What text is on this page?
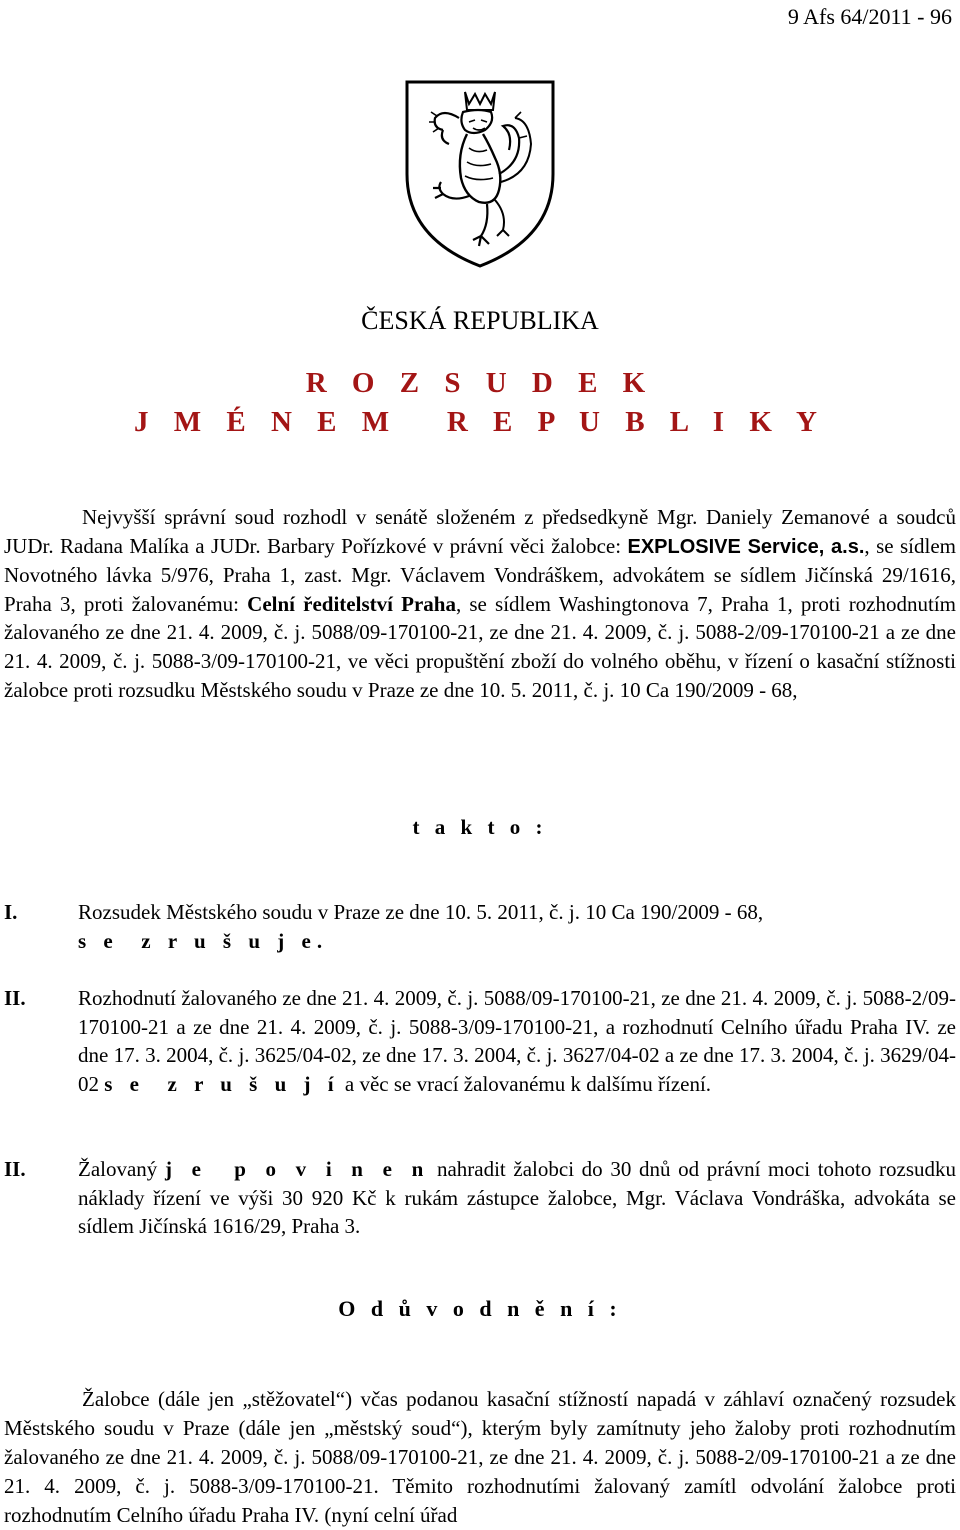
9 Afs 64/2011 - 96
ČESKÁ REPUBLIKA
R O Z S U D E K
J M É N E M   R E P U B L I K Y
Nejvyšší správní soud rozhodl v senátě složeném z předsedkyně Mgr. Daniely Zemanové a soudců JUDr. Radana Malíka a JUDr. Barbary Pořízkové v právní věci žalobce: EXPLOSIVE Service, a.s., se sídlem Novotného lávka 5/976, Praha 1, zast. Mgr. Václavem Vondráškem, advokátem se sídlem Jičínská 29/1616, Praha 3, proti žalovanému: Celní ředitelství Praha, se sídlem Washingtonova 7, Praha 1, proti rozhodnutím žalovaného ze dne 21. 4. 2009, č. j. 5088/09-170100-21, ze dne 21. 4. 2009, č. j. 5088-2/09-170100-21 a ze dne 21. 4. 2009, č. j. 5088-3/09-170100-21, ve věci propuštění zboží do volného oběhu, v řízení o kasační stížnosti žalobce proti rozsudku Městského soudu v Praze ze dne 10. 5. 2011, č. j. 10 Ca 190/2009 - 68,
t a k t o :
I.	Rozsudek Městského soudu v Praze ze dne 10. 5. 2011, č. j. 10 Ca 190/2009 - 68,
s e  z r u š u j e.
II. Rozhodnutí žalovaného ze dne 21. 4. 2009, č. j. 5088/09-170100-21, ze dne 21. 4. 2009, č. j. 5088-2/09-170100-21 a ze dne 21. 4. 2009, č. j. 5088-3/09-170100-21, a rozhodnutí Celního úřadu Praha IV. ze dne 17. 3. 2004, č. j. 3625/04-02, ze dne 17. 3. 2004, č. j. 3627/04-02 a ze dne 17. 3. 2004, č. j. 3629/04-02 s e  z r u š u j í a věc se vrací žalovanému k dalšímu řízení.
II. Žalovaný j e  p o v i n e n nahradit žalobci do 30 dnů od právní moci tohoto rozsudku náklady řízení ve výši 30 920 Kč k rukám zástupce žalobce, Mgr. Václava Vondráška, advokáta se sídlem Jičínská 1616/29, Praha 3.
O d ů v o d n ě n í :
Žalobce (dále jen „stěžovatel“) včas podanou kasační stížností napadá v záhlaví označený rozsudek Městského soudu v Praze (dále jen „městský soud“), kterým byly zamítnuty jeho žaloby proti rozhodnutím žalovaného ze dne 21. 4. 2009, č. j. 5088/09-170100-21, ze dne 21. 4. 2009, č. j. 5088-2/09-170100-21 a ze dne 21. 4. 2009, č. j. 5088-3/09-170100-21. Těmito rozhodnutími žalovaný zamítl odvolání žalobce proti rozhodnutím Celního úřadu Praha IV. (nyní celní úřad
